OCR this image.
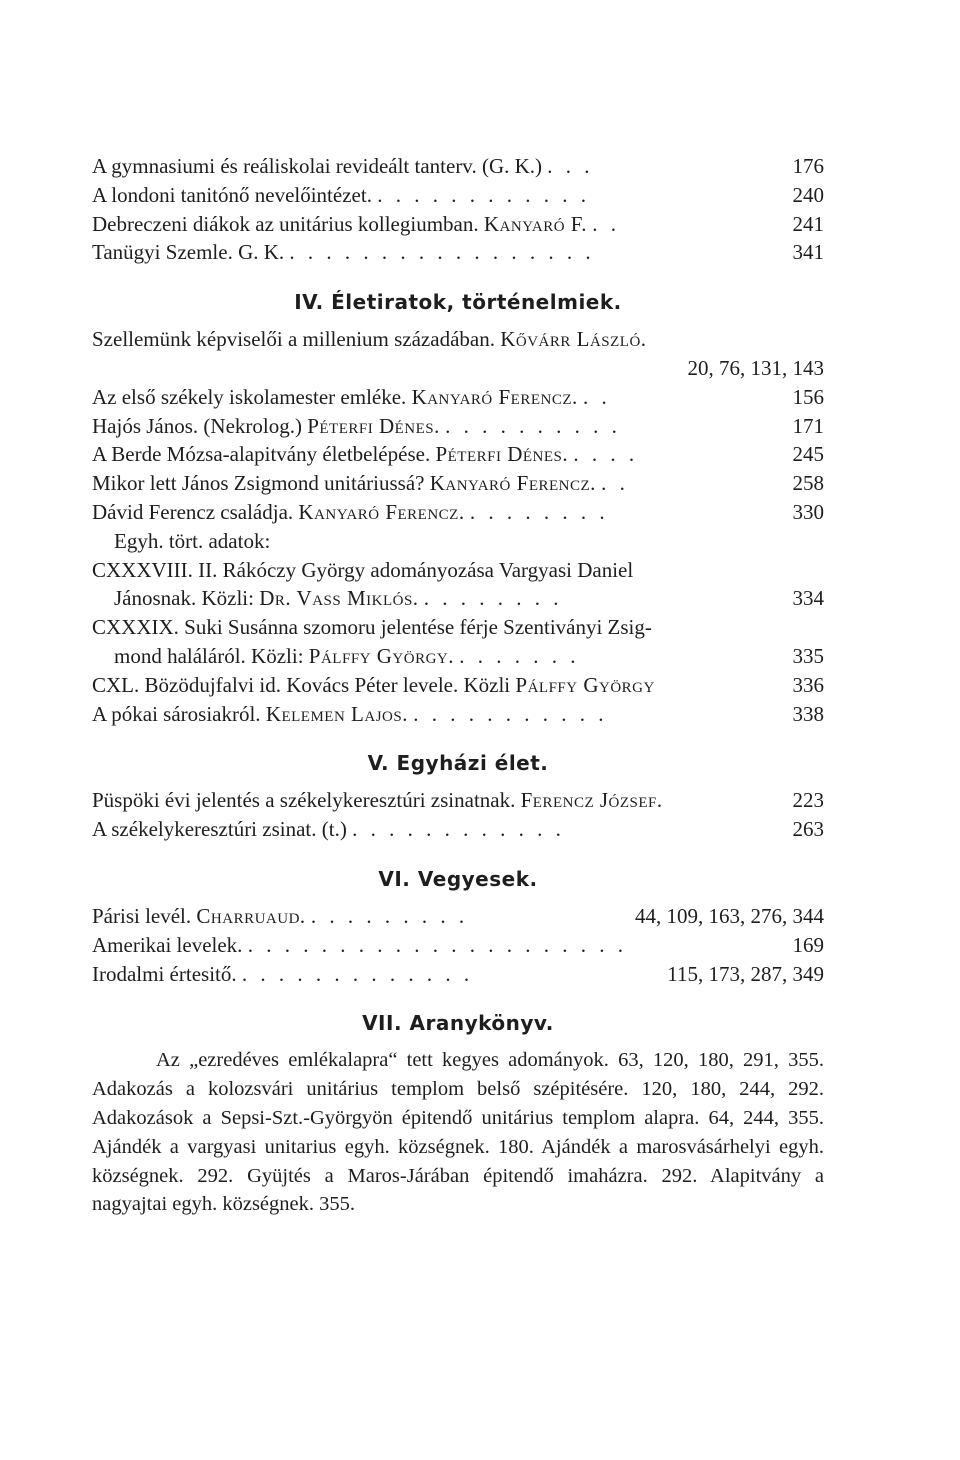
A gymnasiumi és reáliskolai revideált tanterv. (G. K.) . . .	176
A londoni tanitónő nevelőintézet. . . . . . . . . . . . .	240
Debreczeni diákok az unitárius kollegiumban. Kanyaró F. . .	241
Tanügyi Szemle. G. K. . . . . . . . . . . . . . . . . .	341
IV. Életiratok, történelmiek.
Szellemünk képviselői a millenium századában. Kővárr László.
20, 76, 131, 143
Az első székely iskolamester emléke. Kanyaró Ferencz. . .	156
Hajós János. (Nekrolog.) Péterfi Dénes. . . . . . . . . . .	171
A Berde Mózsa-alapitvány életbelépése. Péterfi Dénes. . . . .	245
Mikor lett János Zsigmond unitáriussá? Kanyaró Ferencz. . .	258
Dávid Ferencz családja. Kanyaró Ferencz. . . . . . . . .	330
Egyh. tört. adatok:
CXXXVIII. II. Rákóczy György adományozása Vargyasi Daniel
Jánosnak. Közli: Dr. Vass Miklós. . . . . . . . .	334
CXXXIX. Suki Susánna szomoru jelentése férje Szentiványi Zsig-
mond haláláról. Közli: Pálffy György. . . . . . . .	335
CXL. Bözödujfalvi id. Kovács Péter levele. Közli Pálffy György	336
A pókai sárosiakról. Kelemen Lajos. . . . . . . . . . . .	338
V. Egyházi élet.
Püspöki évi jelentés a székelykeresztúri zsinatnak. Ferencz József.	223
A székelykeresztúri zsinat. (t.) . . . . . . . . . . . .	263
VI. Vegyesek.
Párisi levél. Charruaud. . . . . . . . . .	44, 109, 163, 276, 344
Amerikai levelek. . . . . . . . . . . . . . . . . . . . . .	169
Irodalmi értesitő. . . . . . . . . . . . . .	115, 173, 287, 349
VII. Aranykönyv.
Az „ezredéves emlékalapra“ tett kegyes adományok. 63, 120, 180, 291, 355. Adakozás a kolozsvári unitárius templom belső szépitésére. 120, 180, 244, 292. Adakozások a Sepsi-Szt.-Györgyön épitendő unitárius templom alapra. 64, 244, 355. Ajándék a vargyasi unitarius egyh. községnek. 180. Ajándék a marosvásárhelyi egyh. községnek. 292. Gyüjtés a Maros-Járában épitendő imaházra. 292. Alapitvány a nagyajtai egyh. községnek. 355.
